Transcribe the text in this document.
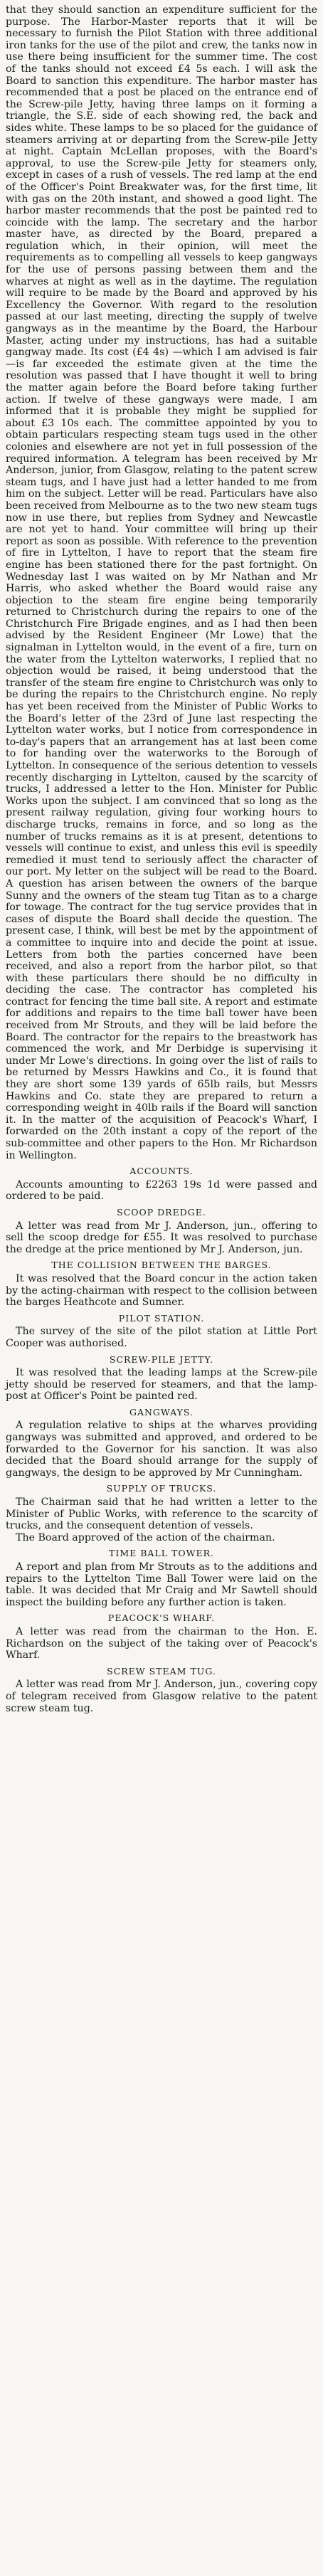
that they should sanction an expenditure sufficient for the purpose. The Harbor-Master reports that it will be necessary to furnish the Pilot Station with three additional iron tanks for the use of the pilot and crew, the tanks now in use there being insufficient for the summer time. The cost of the tanks should not exceed £4 5s each. I will ask the Board to sanction this expenditure. The harbor master has recommended that a post be placed on the entrance end of the Screw-pile Jetty, having three lamps on it forming a triangle, the S.E. side of each showing red, the back and sides white. These lamps to be so placed for the guidance of steamers arriving at or departing from the Screw-pile Jetty at night. Captain McLellan proposes, with the Board's approval, to use the Screw-pile Jetty for steamers only, except in cases of a rush of vessels. The red lamp at the end of the Officer's Point Breakwater was, for the first time, lit with gas on the 20th instant, and showed a good light. The harbor master recommends that the post be painted red to coincide with the lamp. The secretary and the harbor master have, as directed by the Board, prepared a regulation which, in their opinion, will meet the requirements as to compelling all vessels to keep gangways for the use of persons passing between them and the wharves at night as well as in the daytime. The regulation will require to be made by the Board and approved by his Excellency the Governor. With regard to the resolution passed at our last meeting, directing the supply of twelve gangways as in the meantime by the Board, the Harbour Master, acting under my instructions, has had a suitable gangway made. Its cost (£4 4s) —which I am advised is fair—is far exceeded the estimate given at the time the resolution was passed that I have thought it well to bring the matter again before the Board before taking further action. If twelve of these gangways were made, I am informed that it is probable they might be supplied for about £3 10s each. The committee appointed by you to obtain particulars respecting steam tugs used in the other colonies and elsewhere are not yet in full possession of the required information. A telegram has been received by Mr Anderson, junior, from Glasgow, relating to the patent screw steam tugs, and I have just had a letter handed to me from him on the subject. Letter will be read. Particulars have also been received from Melbourne as to the two new steam tugs now in use there, but replies from Sydney and Newcastle are not yet to hand. Your committee will bring up their report as soon as possible. With reference to the prevention of fire in Lyttelton, I have to report that the steam fire engine has been stationed there for the past fortnight. On Wednesday last I was waited on by Mr Nathan and Mr Harris, who asked whether the Board would raise any objection to the steam fire engine being temporarily returned to Christchurch during the repairs to one of the Christchurch Fire Brigade engines, and as I had then been advised by the Resident Engineer (Mr Lowe) that the signalman in Lyttelton would, in the event of a fire, turn on the water from the Lyttelton waterworks, I replied that no objection would be raised, it being understood that the transfer of the steam fire engine to Christchurch was only to be during the repairs to the Christchurch engine. No reply has yet been received from the Minister of Public Works to the Board's letter of the 23rd of June last respecting the Lyttelton water works, but I notice from correspondence in to-day's papers that an arrangement has at last been come to for handing over the waterworks to the Borough of Lyttelton. In consequence of the serious detention to vessels recently discharging in Lyttelton, caused by the scarcity of trucks, I addressed a letter to the Hon. Minister for Public Works upon the subject. I am convinced that so long as the present railway regulation, giving four working hours to discharge trucks, remains in force, and so long as the number of trucks remains as it is at present, detentions to vessels will continue to exist, and unless this evil is speedily remedied it must tend to seriously affect the character of our port. My letter on the subject will be read to the Board. A question has arisen between the owners of the barque Sunny and the owners of the steam tug Titan as to a charge for towage. The contract for the tug service provides that in cases of dispute the Board shall decide the question. The present case, I think, will best be met by the appointment of a committee to inquire into and decide the point at issue. Letters from both the parties concerned have been received, and also a report from the harbor pilot, so that with these particulars there should be no difficulty in deciding the case. The contractor has completed his contract for fencing the time ball site. A report and estimate for additions and repairs to the time ball tower have been received from Mr Strouts, and they will be laid before the Board. The contractor for the repairs to the breastwork has commenced the work, and Mr Derbidge is supervising it under Mr Lowe's directions. In going over the list of rails to be returned by Messrs Hawkins and Co., it is found that they are short some 139 yards of 65lb rails, but Messrs Hawkins and Co. state they are prepared to return a corresponding weight in 40lb rails if the Board will sanction it. In the matter of the acquisition of Peacock's Wharf, I forwarded on the 20th instant a copy of the report of the sub-committee and other papers to the Hon. Mr Richardson in Wellington.

ACCOUNTS.

Accounts amounting to £2263 19s 1d were passed and ordered to be paid.

SCOOP DREDGE.

A letter was read from Mr J. Anderson, jun., offering to sell the scoop dredge for £55. It was resolved to purchase the dredge at the price mentioned by Mr J. Anderson, jun.

THE COLLISION BETWEEN THE BARGES.

It was resolved that the Board concur in the action taken by the acting-chairman with respect to the collision between the barges Heathcote and Sumner.

PILOT STATION.

The survey of the site of the pilot station at Little Port Cooper was authorised.

SCREW-PILE JETTY.

It was resolved that the leading lamps at the Screw-pile jetty should be reserved for steamers, and that the lamp-post at Officer's Point be painted red.

GANGWAYS.

A regulation relative to ships at the wharves providing gangways was submitted and approved, and ordered to be forwarded to the Governor for his sanction. It was also decided that the Board should arrange for the supply of gangways, the design to be approved by Mr Cunningham.

SUPPLY OF TRUCKS.

The Chairman said that he had written a letter to the Minister of Public Works, with reference to the scarcity of trucks, and the consequent detention of vessels.

The Board approved of the action of the chairman.

TIME BALL TOWER.

A report and plan from Mr Strouts as to the additions and repairs to the Lyttelton Time Ball Tower were laid on the table. It was decided that Mr Craig and Mr Sawtell should inspect the building before any further action is taken.

PEACOCK'S WHARF.

A letter was read from the chairman to the Hon. E. Richardson on the subject of the taking over of Peacock's Wharf.

SCREW STEAM TUG.

A letter was read from Mr J. Anderson, jun., covering copy of telegram received from Glasgow relative to the patent screw steam tug.
